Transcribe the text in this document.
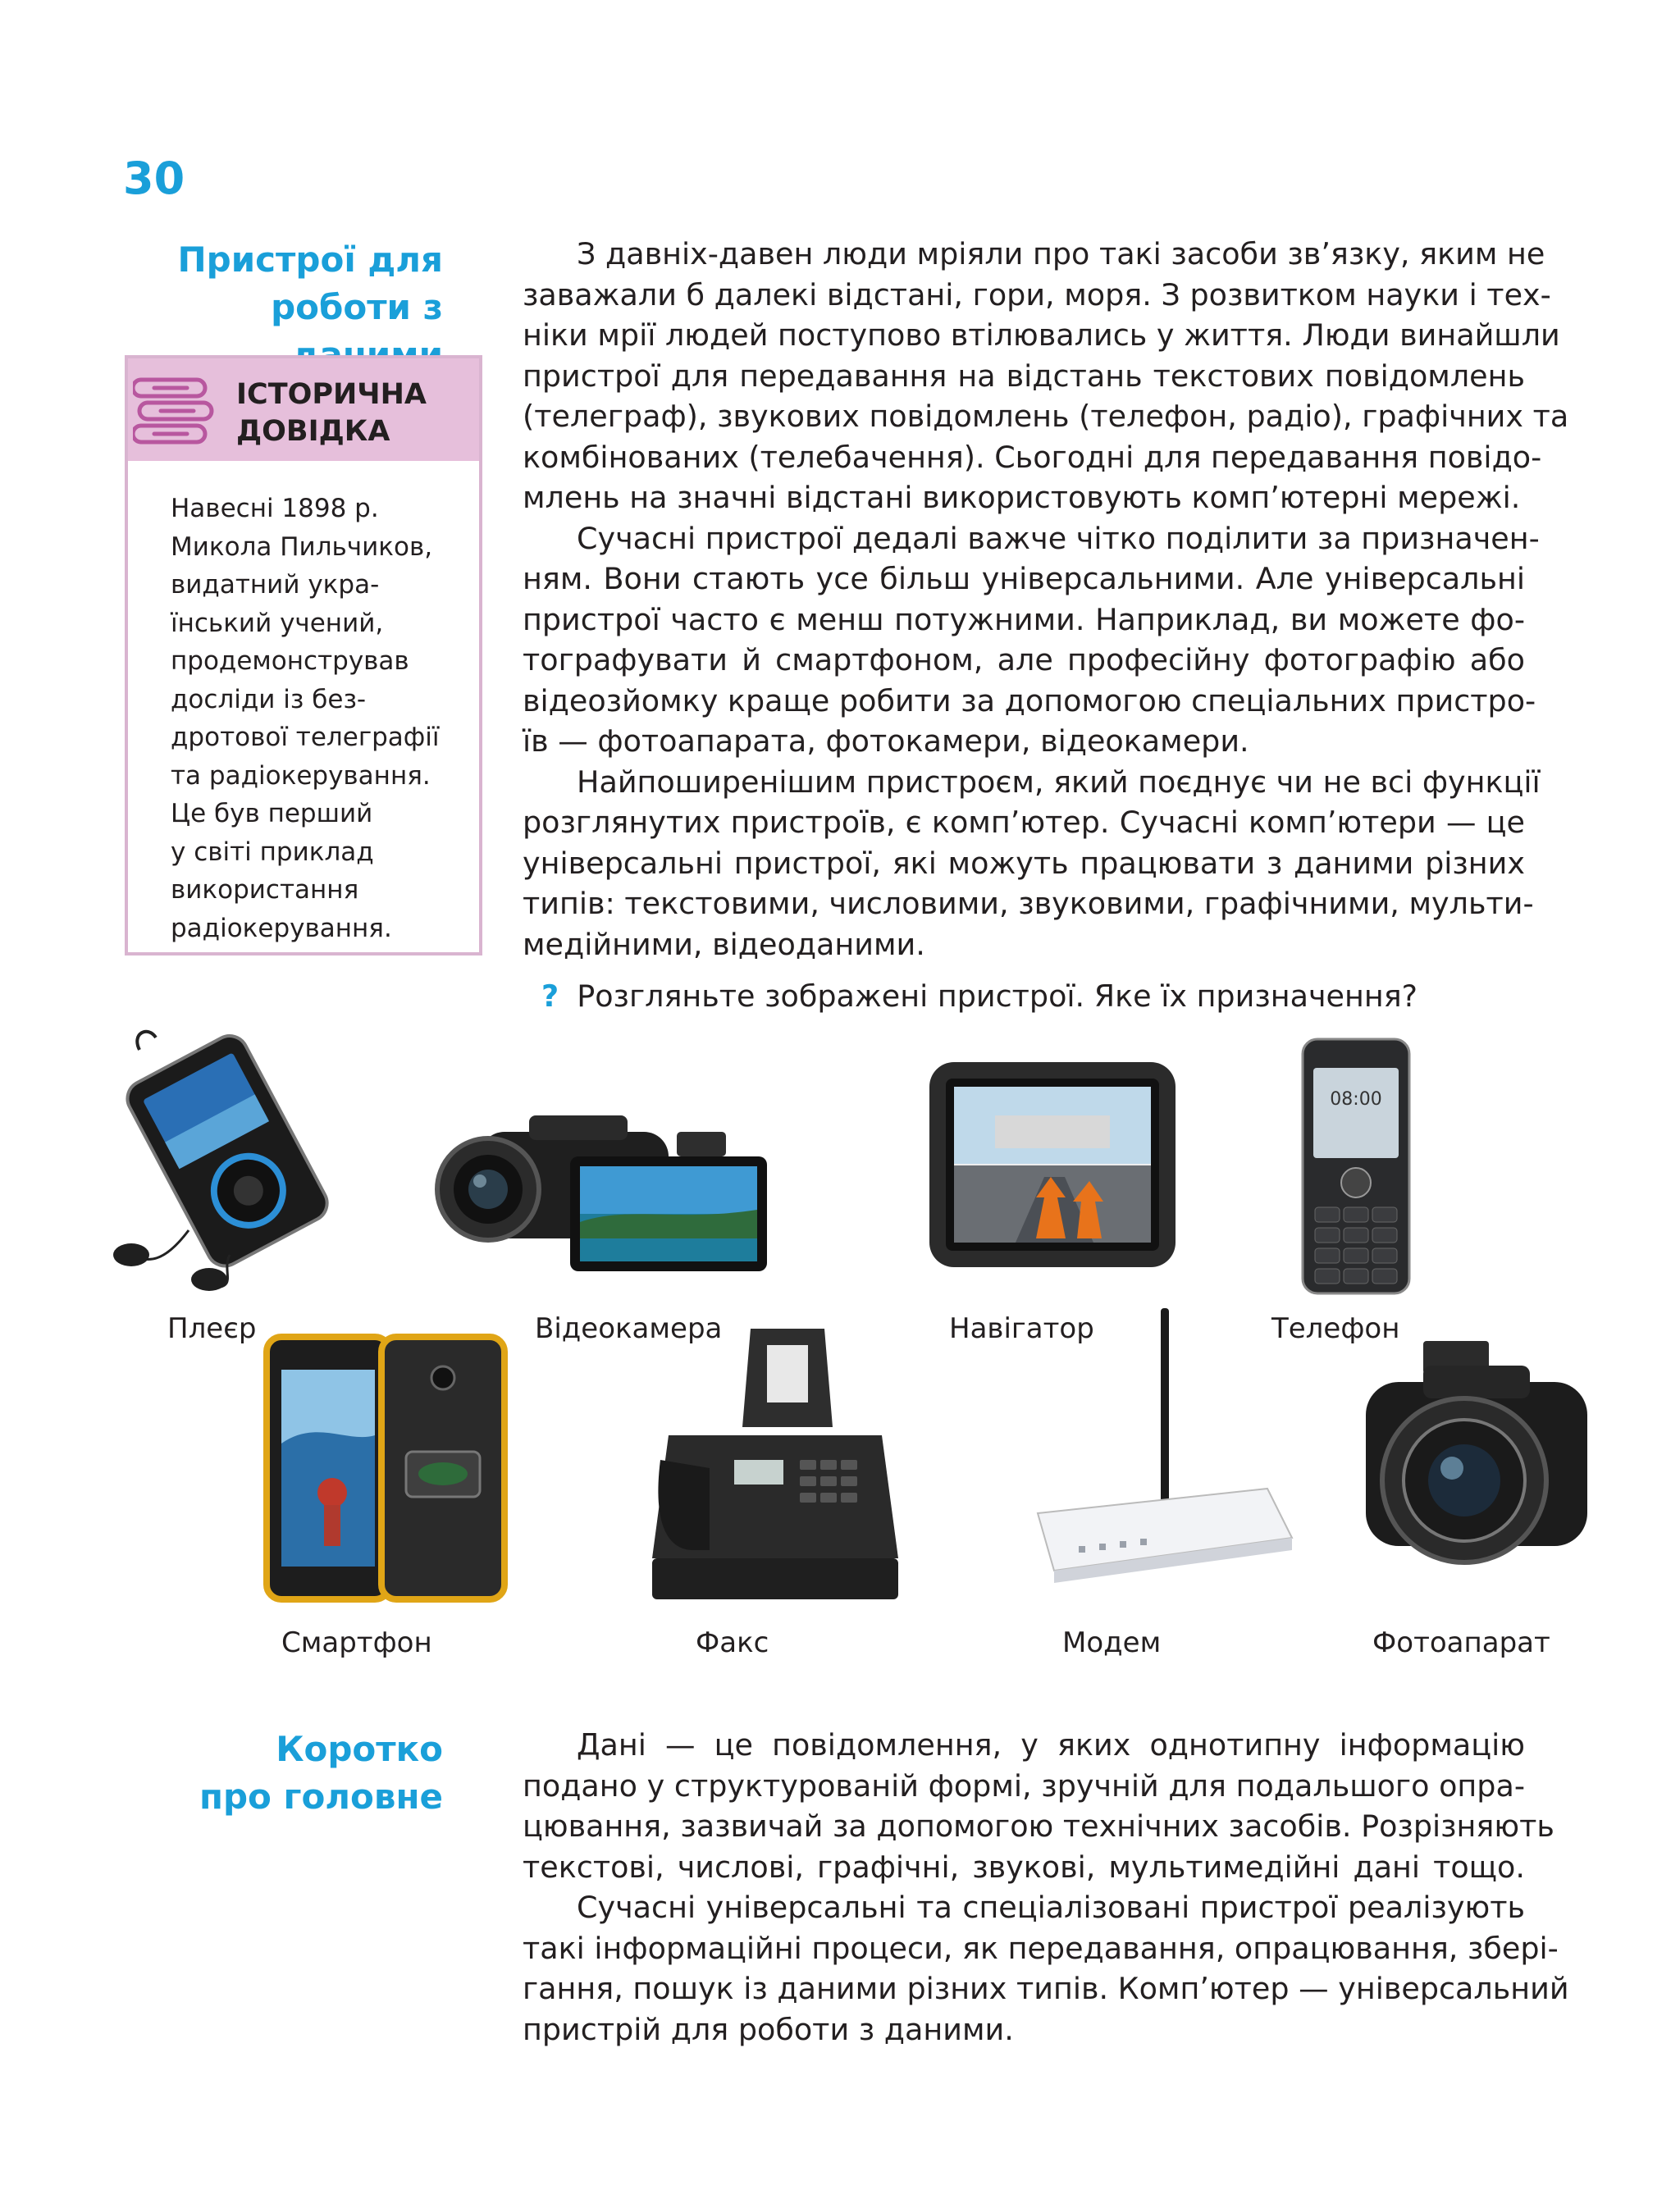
30
Пристрої для
роботи з
ІСТОРИЧНА
ДОВІДКА
Навесні 1898 р.
Микола Пильчиков,
видатний укра-
їнський учений,
продемонстрував
досліди із без-
дротової телеграфії
та радіокерування.
Це був перший
у світі приклад
використання
радіокерування.
З давніх-давен люди мріяли про такі засоби зв’язку, яким не
заважали б далекі відстані, гори, моря. З розвитком науки і тех-
ніки мрії людей поступово втілювались у життя. Люди винайшли
пристрої для передавання на відстань текстових повідомлень
(телеграф), звукових повідомлень (телефон, радіо), графічних та
комбінованих (телебачення). Сьогодні для передавання повідо-
млень на значні відстані використовують комп’ютерні мережі.
Сучасні пристрої дедалі важче чітко поділити за призначен-
ням. Вони стають усе більш універсальними. Але універсальні
пристрої часто є менш потужними. Наприклад, ви можете фо-
тографувати й смартфоном, але професійну фотографію або
відеозйомку краще робити за допомогою спеціальних пристро-
їв — фотоапарата, фотокамери, відеокамери.
Найпоширенішим пристроєм, який поєднує чи не всі функції
розглянутих пристроїв, є комп’ютер. Сучасні комп’ютери — це
універсальні пристрої, які можуть працювати з даними різних
типів: текстовими, числовими, звуковими, графічними, мульти-
медійними, відеоданими.
? Розгляньте зображені пристрої. Яке їх призначення?
Плеєр	Відеокамера	Навігатор
08:00
Телефон
Смартфон	Факс	Модем	Фотоапарат
Коротко
про головне
Дані — це повідомлення, у яких однотипну інформацію
подано у структурованій формі, зручній для подальшого опра-
цювання, зазвичай за допомогою технічних засобів. Розрізняють
текстові, числові, графічні, звукові, мультимедійні дані тощо.
Сучасні універсальні та спеціалізовані пристрої реалізують
такі інформаційні процеси, як передавання, опрацювання, збері-
гання, пошук із даними різних типів. Комп’ютер — універсальний
пристрій для роботи з даними.
